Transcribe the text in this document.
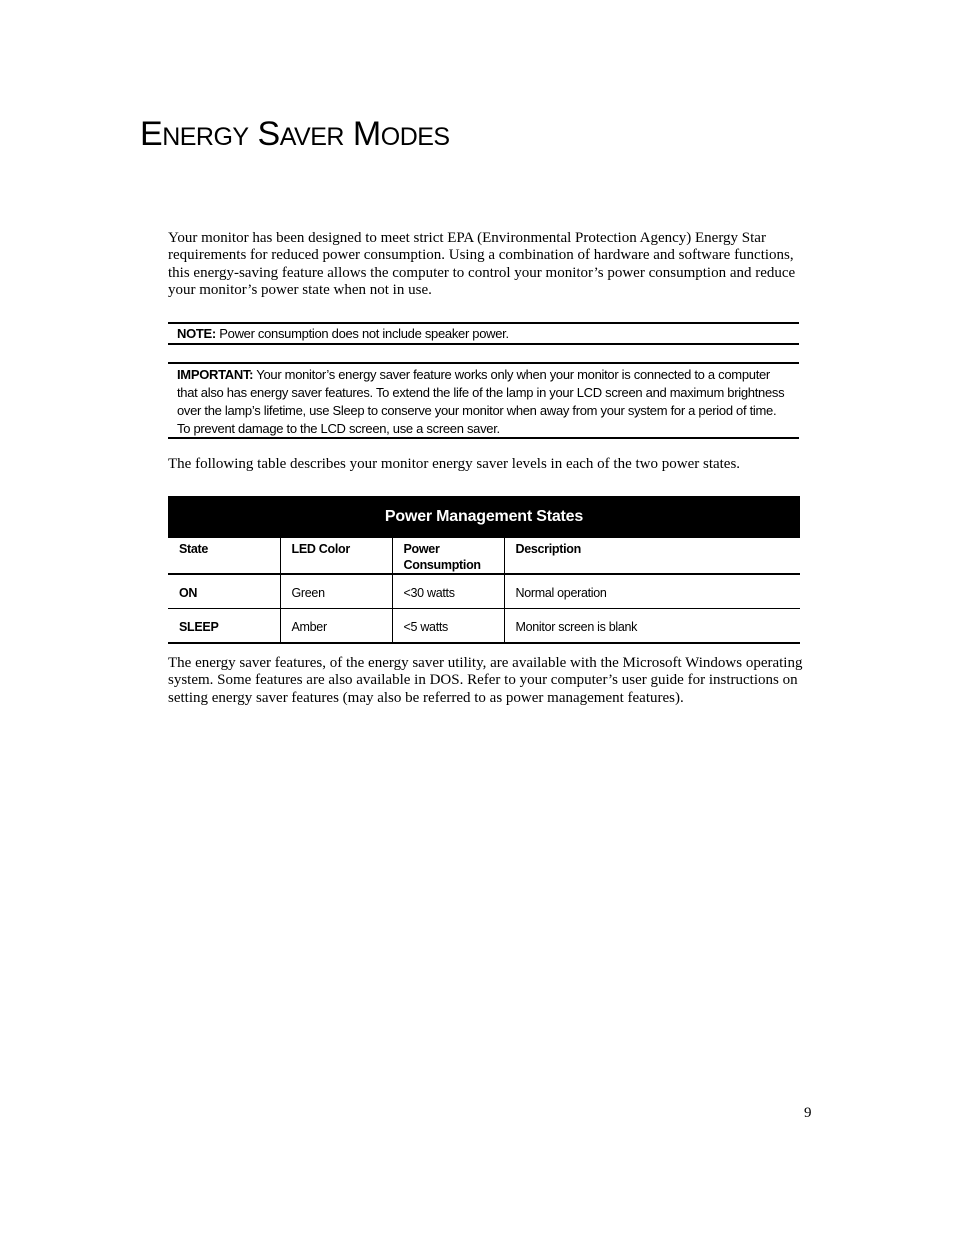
ENERGY SAVER MODES

Your monitor has been designed to meet strict EPA (Environmental Protection Agency) Energy Star requirements for reduced power consumption. Using a combination of hardware and software functions, this energy-saving feature allows the computer to control your monitor’s power consumption and reduce your monitor’s power state when not in use.

NOTE: Power consumption does not include speaker power.
IMPORTANT: Your monitor’s energy saver feature works only when your monitor is connected to a computer that also has energy saver features. To extend the life of the lamp in your LCD screen and maximum brightness over the lamp’s lifetime, use Sleep to conserve your monitor when away from your system for a period of time. To prevent damage to the LCD screen, use a screen saver.

The following table describes your monitor energy saver levels in each of the two power states.

Power Management States			
State	LED Color	Power Consumption	Description
ON	Green	<30 watts	Normal operation
SLEEP	Amber	<5 watts	Monitor screen is blank

The energy saver features, of the energy saver utility, are available with the Microsoft Windows operating system. Some features are also available in DOS. Refer to your computer’s user guide for instructions on setting energy saver features (may also be referred to as power management features).

9
